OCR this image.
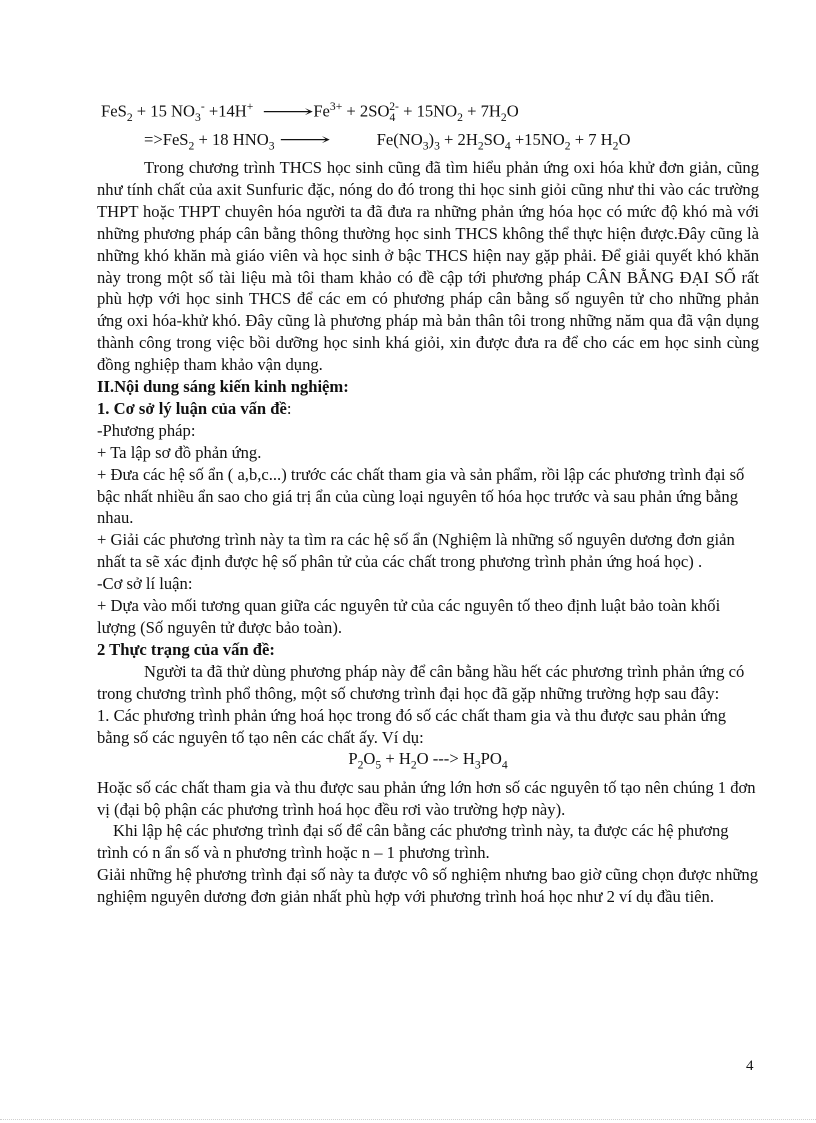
FeS$_2$ + 15 $NO_3^- +14H^+$ $⟶Fe^{3+} + 2SO_4^{2-} + 15NO_2 + 7H_2O$

=>FeS$_2$ + 18 $HNO_3$ ⟶	$Fe(NO_3)_3 + 2H_2SO_4 +15NO_2 + 7$ $H_2O$

Trong chương trình THCS học sinh cũng đã tìm hiểu phản ứng oxi hóa khử đơn giản, cũng như tính chất của axit Sunfuric đặc, nóng do đó trong thi học sinh giỏi cũng như thi vào các trường THPT hoặc THPT chuyên hóa người ta đã đưa ra những phản ứng hóa học có mức độ khó mà với những phương pháp cân bằng thông thường học sinh THCS không thể thực hiện được.Đây cũng là những khó khăn mà giáo viên và học sinh ở bậc THCS hiện nay gặp phải. Để giải quyết khó khăn này trong một số tài liệu mà tôi tham khảo có đề cập tới phương pháp CÂN BẰNG ĐẠI SỐ rất phù hợp với học sinh THCS để các em có phương pháp cân bằng số nguyên tử cho những phản ứng oxi hóa-khử khó. Đây cũng là phương pháp mà bản thân tôi trong những năm qua đã vận dụng thành công trong việc bồi dưỡng học sinh khá giỏi, xin được đưa ra để cho các em học sinh cùng đồng nghiệp tham khảo vận dụng.

II.Nội dung sáng kiến kinh nghiệm:

1. Cơ sở lý luận của vấn đề:

-Phương pháp:

+ Ta lập sơ đồ phản ứng.

+ Đưa các hệ số ẩn ( a,b,c...) trước các chất tham gia và sản phẩm, rồi lập các phương trình đại số bậc nhất nhiều ẩn sao cho giá trị ẩn của cùng loại nguyên tố hóa học trước và sau phản ứng bằng nhau.

+ Giải các phương trình này ta tìm ra các hệ số ẩn (Nghiệm là những số nguyên dương đơn giản nhất ta sẽ xác định được hệ số phân tử của các chất trong phương trình phản ứng hoá học) .

-Cơ sở lí luận:

+ Dựa vào mối tương quan giữa các nguyên tử của các nguyên tố theo định luật bảo toàn khối lượng (Số nguyên tử được bảo toàn).

2 Thực trạng của vấn đề:

Người ta đã thử dùng phương pháp này để cân bằng hầu hết các phương trình phản ứng có trong chương trình phổ thông, một số chương trình đại học đã gặp những trường hợp sau đây:

1. Các phương trình phản ứng hoá học trong đó số các chất tham gia và thu được sau phản ứng bằng số các nguyên tố tạo nên các chất ấy. Ví dụ:

$P_2O_5 + H_2O$ ---> $H_3PO_4$

Hoặc số các chất tham gia và thu được sau phản ứng lớn hơn số các nguyên tố tạo nên chúng 1 đơn vị (đại bộ phận các phương trình hoá học đều rơi vào trường hợp này).

Khi lập hệ các phương trình đại số để cân bằng các phương trình này, ta được các hệ phương trình có n ẩn số và n phương trình hoặc n – 1 phương trình.

Giải những hệ phương trình đại số này ta được vô số nghiệm nhưng bao giờ cũng chọn được những nghiệm nguyên dương đơn giản nhất phù hợp với phương trình hoá học như 2 ví dụ đầu tiên.

4
